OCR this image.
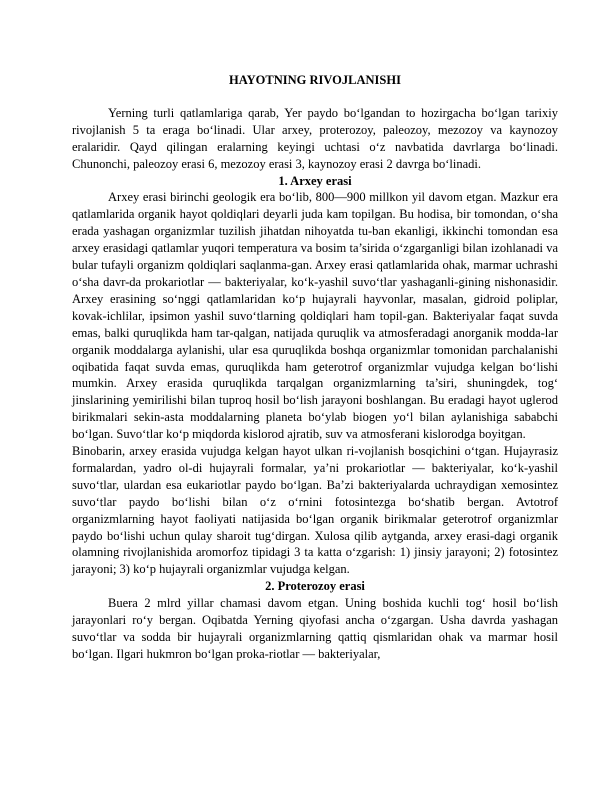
HAYOTNING RIVOJLANISHI

Yerning turli qatlamlariga qarab, Yer paydo bo‘lgandan to hozirgacha bo‘lgan tarixiy rivojlanish 5 ta eraga bo‘linadi. Ular arxey, proterozoy, paleozoy, mezozoy va kaynozoy eralaridir. Qayd qilingan eralarning keyingi uchtasi o‘z navbatida davrlarga bo‘linadi. Chunonchi, paleozoy erasi 6, mezozoy erasi 3, kaynozoy erasi 2 davrga bo‘linadi.

1. Arxey erasi

Arxey erasi birinchi geologik era bo‘lib, 800—900 millkon yil davom etgan. Mazkur era qatlamlarida organik hayot qoldiqlari deyarli juda kam topilgan. Bu hodisa, bir tomondan, o‘sha erada yashagan organizmlar tuzilish jihatdan nihoyatda tu-ban ekanligi, ikkinchi tomondan esa arxey erasidagi qatlamlar yuqori temperatura va bosim ta’sirida o‘zgarganligi bilan izohlanadi va bular tufayli organizm qoldiqlari saqlanma-gan. Arxey erasi qatlamlarida ohak, marmar uchrashi o‘sha davr-da prokariotlar — bakteriyalar, ko‘k-yashil suvo‘tlar yashaganli-gining nishonasidir. Arxey erasining so‘nggi qatlamlaridan ko‘p hujayrali hayvonlar, masalan, gidroid poliplar, kovak-ichlilar, ipsimon yashil suvo‘tlarning qoldiqlari ham topil-gan. Bakteriyalar faqat suvda emas, balki quruqlikda ham tar-qalgan, natijada quruqlik va atmosferadagi anorganik modda-lar organik moddalarga aylanishi, ular esa quruqlikda boshqa organizmlar tomonidan parchalanishi oqibatida faqat suvda emas, quruqlikda ham geterotrof organizmlar vujudga kelgan bo‘lishi mumkin. Arxey erasida quruqlikda tarqalgan organizmlarning ta’siri, shuningdek, tog‘ jinslarining yemirilishi bilan tuproq hosil bo‘lish jarayoni boshlangan. Bu eradagi hayot uglerod birikmalari sekin-asta moddalarning planeta bo‘ylab biogen yo‘l bilan aylanishiga sababchi bo‘lgan. Suvo‘tlar ko‘p miqdorda kislorod ajratib, suv va atmosferani kislorodga boyitgan.

Binobarin, arxey erasida vujudga kelgan hayot ulkan ri-vojlanish bosqichini o‘tgan. Hujayrasiz formalardan, yadro ol-di hujayrali formalar, ya’ni prokariotlar — bakteriyalar, ko‘k-yashil suvo‘tlar, ulardan esa eukariotlar paydo bo‘lgan. Ba’zi bakteriyalarda uchraydigan xemosintez suvo‘tlar paydo bo‘lishi bilan o‘z o‘rnini fotosintezga bo‘shatib bergan. Avtotrof organizmlarning hayot faoliyati natijasida bo‘lgan organik birikmalar geterotrof organizmlar paydo bo‘lishi uchun qulay sharoit tug‘dirgan. Xulosa qilib aytganda, arxey erasi-dagi organik olamning rivojlanishida aromorfoz tipidagi 3 ta katta o‘zgarish: 1) jinsiy jarayoni; 2) fotosintez jarayoni; 3) ko‘p hujayrali organizmlar vujudga kelgan.

2. Proterozoy erasi

Buera 2 mlrd yillar chamasi davom etgan. Uning boshida kuchli tog‘ hosil bo‘lish jarayonlari ro‘y bergan. Oqibatda Yerning qiyofasi ancha o‘zgargan. Usha davrda yashagan suvo‘tlar va sodda bir hujayrali organizmlarning qattiq qismlaridan ohak va marmar hosil bo‘lgan. Ilgari hukmron bo‘lgan proka-riotlar — bakteriyalar,
